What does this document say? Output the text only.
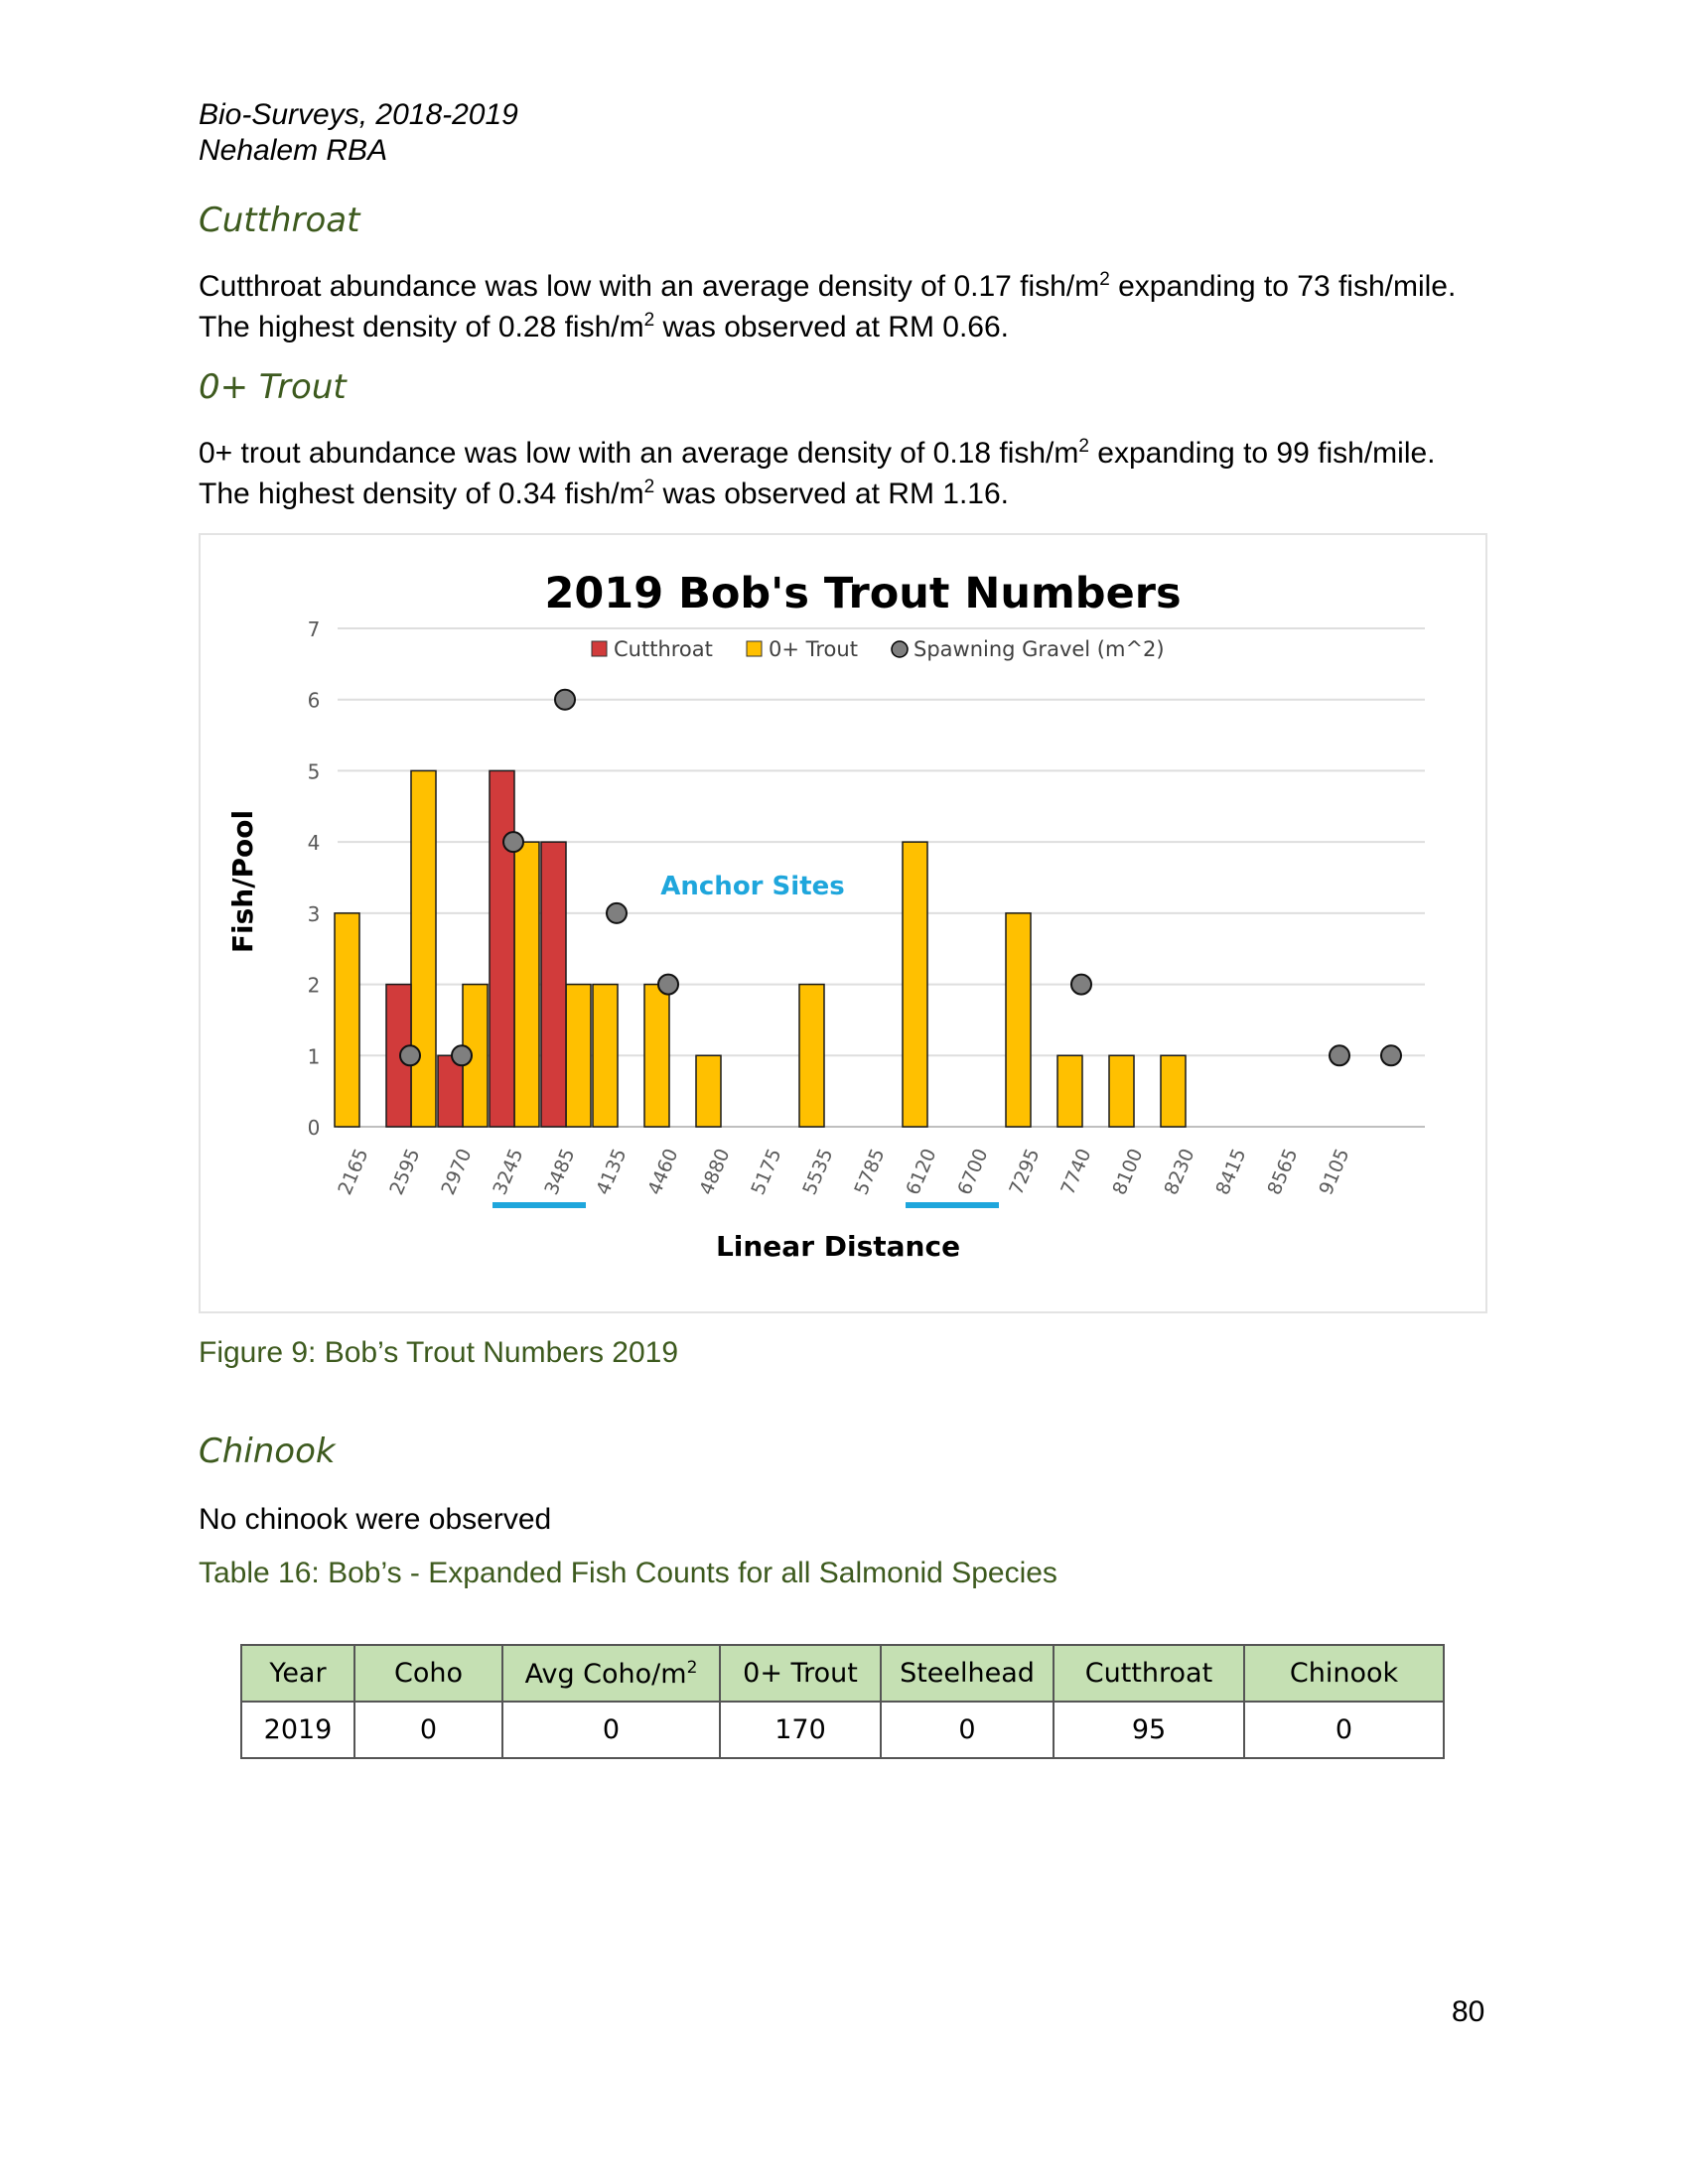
Bio-Surveys, 2018-2019
Nehalem RBA
Cutthroat
Cutthroat abundance was low with an average density of 0.17 fish/$m^2$ expanding to 73 fish/mile.
The highest density of 0.28 fish/$m^2$ was observed at RM 0.66.
0+ Trout
0+ trout abundance was low with an average density of 0.18 fish/$m^2$ expanding to 99 fish/mile.
The highest density of 0.34 fish/$m^2$ was observed at RM 1.16.
0
1
2
3
4
5
6
7
2019 Bob's Trout Numbers
Cutthroat	0+ Trout	Spawning Gravel (m^2)
2165 2595 2970 3245 3485 4135 4460 4880 5175 5535 5785 6120 6700 7295 7740 8100 8230 8415 8565 9105
Anchor Sites
Linear Distance
Fish/Pool
Figure 9: Bob’s Trout Numbers 2019
Chinook
No chinook were observed
Table 16: Bob’s - Expanded Fish Counts for all Salmonid Species
Year	Coho	Avg Coho/$m^2$	0+ Trout	Steelhead	Cutthroat	Chinook
2019	0	0	170	0	95	0
80
